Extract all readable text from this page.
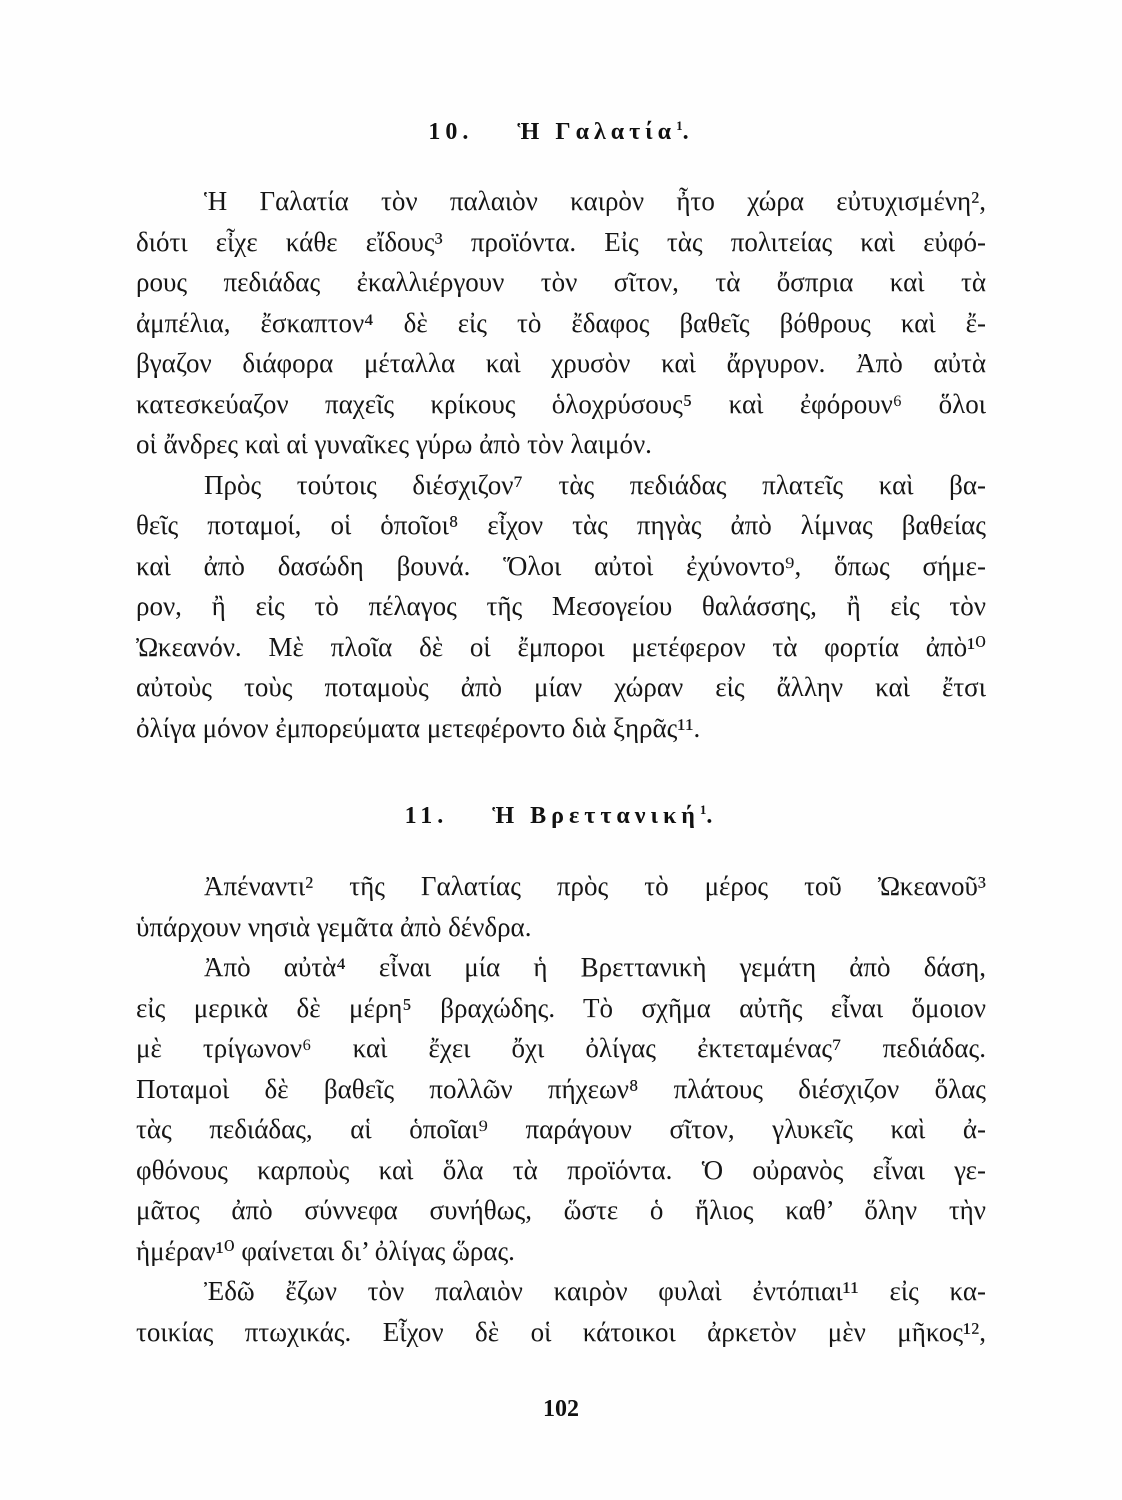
10. Ἡ Γαλατία$^1$.
Ἡ Γαλατία τὸν παλαιὸν καιρὸν ἦτο χώρα εὐτυχισμένη²,
διότι εἶχε κάθε εἴδους³ προϊόντα. Εἰς τὰς πολιτείας καὶ εὐφό-
ρους πεδιάδας ἐκαλλιέργουν τὸν σῖτον, τὰ ὄσπρια καὶ τὰ
ἀμπέλια, ἔσκαπτον⁴ δὲ εἰς τὸ ἔδαφος βαθεῖς βόθρους καὶ ἔ-
βγαζον διάφορα μέταλλα καὶ χρυσὸν καὶ ἄργυρον. Ἀπὸ αὐτὰ
κατεσκεύαζον παχεῖς κρίκους ὁλοχρύσους⁵ καὶ ἐφόρουν⁶ ὅλοι
οἱ ἄνδρες καὶ αἱ γυναῖκες γύρω ἀπὸ τὸν λαιμόν.
Πρὸς τούτοις διέσχιζον⁷ τὰς πεδιάδας πλατεῖς καὶ βα-
θεῖς ποταμοί, οἱ ὁποῖοι⁸ εἶχον τὰς πηγὰς ἀπὸ λίμνας βαθείας
καὶ ἀπὸ δασώδη βουνά. Ὅλοι αὐτοὶ ἐχύνοντο⁹, ὅπως σήμε-
ρον, ἢ εἰς τὸ πέλαγος τῆς Μεσογείου θαλάσσης, ἢ εἰς τὸν
Ὠκεανόν. Μὲ πλοῖα δὲ οἱ ἔμποροι μετέφερον τὰ φορτία ἀπὸ¹⁰
αὐτοὺς τοὺς ποταμοὺς ἀπὸ μίαν χώραν εἰς ἄλλην καὶ ἔτσι
ὀλίγα μόνον ἐμπορεύματα μετεφέροντο διὰ ξηρᾶς¹¹.
11. Ἡ Βρεττανική$^1$.
Ἀπέναντι² τῆς Γαλατίας πρὸς τὸ μέρος τοῦ Ὠκεανοῦ³
ὑπάρχουν νησιὰ γεμᾶτα ἀπὸ δένδρα.
Ἀπὸ αὐτὰ⁴ εἶναι μία ἡ Βρεττανικὴ γεμάτη ἀπὸ δάση,
εἰς μερικὰ δὲ μέρη⁵ βραχώδης. Τὸ σχῆμα αὐτῆς εἶναι ὅμοιον
μὲ τρίγωνον⁶ καὶ ἔχει ὄχι ὀλίγας ἐκτεταμένας⁷ πεδιάδας.
Ποταμοὶ δὲ βαθεῖς πολλῶν πήχεων⁸ πλάτους διέσχιζον ὅλας
τὰς πεδιάδας, αἱ ὁποῖαι⁹ παράγουν σῖτον, γλυκεῖς καὶ ἀ-
φθόνους καρποὺς καὶ ὅλα τὰ προϊόντα. Ὁ οὐρανὸς εἶναι γε-
μᾶτος ἀπὸ σύννεφα συνήθως, ὥστε ὁ ἥλιος καθ’ ὅλην τὴν
ἡμέραν¹⁰ φαίνεται δι’ ὀλίγας ὥρας.
Ἐδῶ ἔζων τὸν παλαιὸν καιρὸν φυλαὶ ἐντόπιαι¹¹ εἰς κα-
τοικίας πτωχικάς. Εἶχον δὲ οἱ κάτοικοι ἀρκετὸν μὲν μῆκος¹²,
102
